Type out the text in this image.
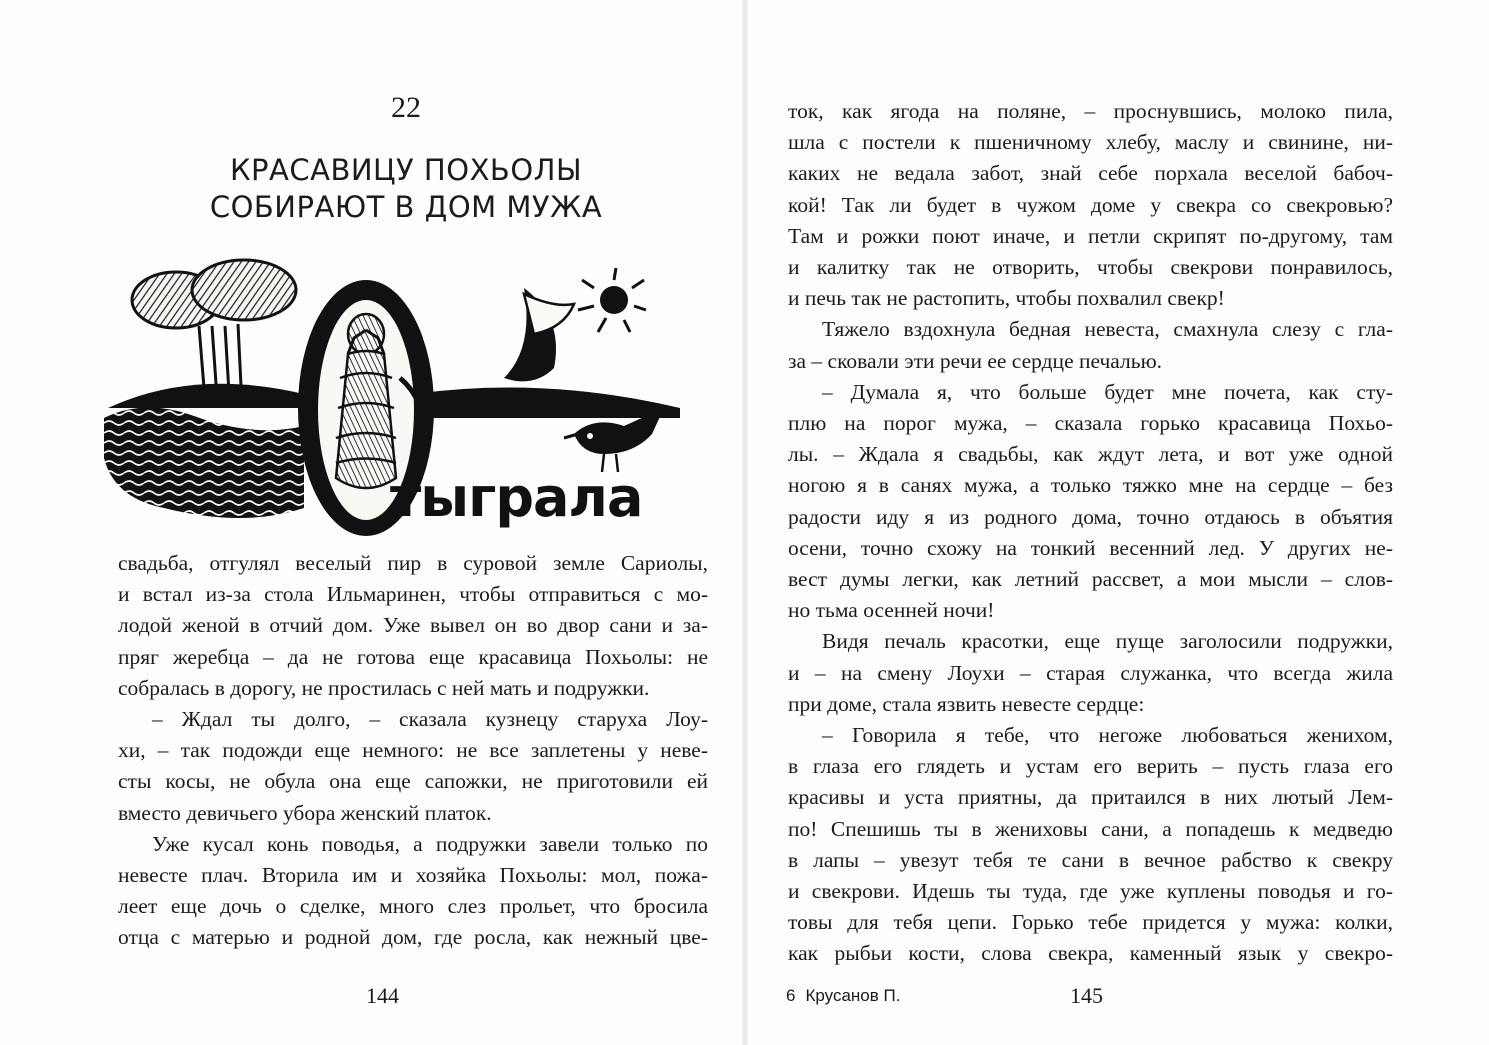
22
КРАСАВИЦУ ПОХЬОЛЫ
СОБИРАЮТ В ДОМ МУЖА
тыграла

свадьба, отгулял веселый пир в суровой земле Сариолы,

и встал из-за стола Ильмаринен, чтобы отправиться с мо-

лодой женой в отчий дом. Уже вывел он во двор сани и за-

пряг жеребца – да не готова еще красавица Похьолы: не

собралась в дорогу, не простилась с ней мать и подружки.

– Ждал ты долго, – сказала кузнецу старуха Лоу-

хи, – так подожди еще немного: не все заплетены у неве-

сты косы, не обула она еще сапожки, не приготовили ей

вместо девичьего убора женский платок.

Уже кусал конь поводья, а подружки завели только по

невесте плач. Вторила им и хозяйка Похьолы: мол, пожа-

леет еще дочь о сделке, много слез прольет, что бросила

отца с матерью и родной дом, где росла, как нежный цве-

144

ток, как ягода на поляне, – проснувшись, молоко пила,

шла с постели к пшеничному хлебу, маслу и свинине, ни-

каких не ведала забот, знай себе порхала веселой бабоч-

кой! Так ли будет в чужом доме у свекра со свекровью?

Там и рожки поют иначе, и петли скрипят по-другому, там

и калитку так не отворить, чтобы свекрови понравилось,

и печь так не растопить, чтобы похвалил свекр!

Тяжело вздохнула бедная невеста, смахнула слезу с гла-

за – сковали эти речи ее сердце печалью.

– Думала я, что больше будет мне почета, как сту-

плю на порог мужа, – сказала горько красавица Похьо-

лы. – Ждала я свадьбы, как ждут лета, и вот уже одной

ногою я в санях мужа, а только тяжко мне на сердце – без

радости иду я из родного дома, точно отдаюсь в объятия

осени, точно схожу на тонкий весенний лед. У других не-

вест думы легки, как летний рассвет, а мои мысли – слов-

но тьма осенней ночи!

Видя печаль красотки, еще пуще заголосили подружки,

и – на смену Лоухи – старая служанка, что всегда жила

при доме, стала язвить невесте сердце:

– Говорила я тебе, что негоже любоваться женихом,

в глаза его глядеть и устам его верить – пусть глаза его

красивы и уста приятны, да притаился в них лютый Лем-

по! Спешишь ты в жениховы сани, а попадешь к медведю

в лапы – увезут тебя те сани в вечное рабство к свекру

и свекрови. Идешь ты туда, где уже куплены поводья и го-

товы для тебя цепи. Горько тебе придется у мужа: колки,

как рыбьи кости, слова свекра, каменный язык у свекро-

6 Крусанов П.	145
